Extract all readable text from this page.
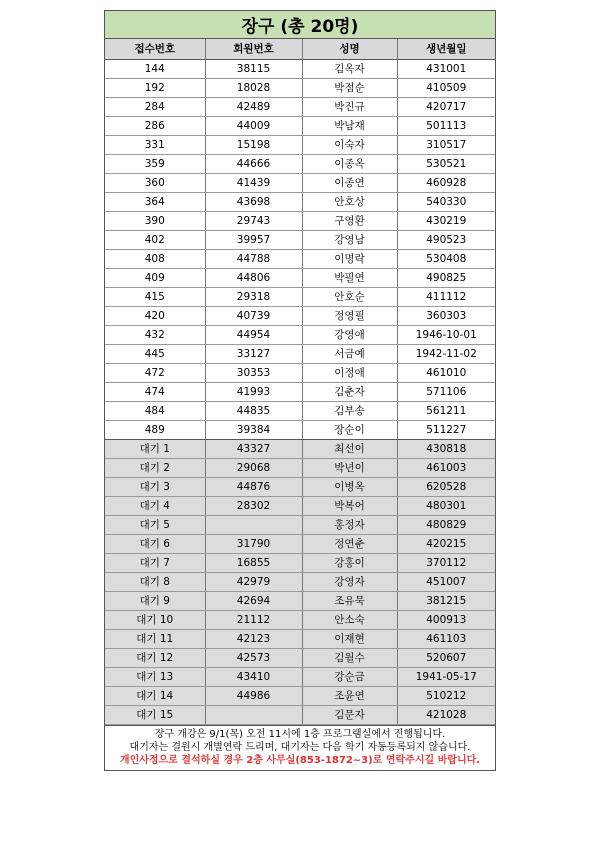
장구 (총 20명)
접수번호	회원번호	성명	생년월일
144	38115	김옥자	431001
192	18028	박점순	410509
284	42489	박진규	420717
286	44009	박남재	501113
331	15198	이숙자	310517
359	44666	이종옥	530521
360	41439	이종연	460928
364	43698	안호상	540330
390	29743	구영환	430219
402	39957	강영남	490523
408	44788	이명락	530408
409	44806	박필연	490825
415	29318	안호순	411112
420	40739	정영필	360303
432	44954	강영애	1946-10-01
445	33127	서금예	1942-11-02
472	30353	이정애	461010
474	41993	김춘자	571106
484	44835	김부송	561211
489	39384	장순이	511227
대기 1	43327	최선이	430818
대기 2	29068	박년이	461003
대기 3	44876	이병옥	620528
대기 4	28302	박복어	480301
대기 5		홍정자	480829
대기 6	31790	정연춘	420215
대기 7	16855	강홍이	370112
대기 8	42979	강영자	451007
대기 9	42694	조유묵	381215
대기 10	21112	안소숙	400913
대기 11	42123	이재현	461103
대기 12	42573	김월수	520607
대기 13	43410	강순금	1941-05-17
대기 14	44986	조윤연	510212
대기 15		김문자	421028
장구 개강은 9/1(목) 오전 11시에 1층 프로그램실에서 진행됩니다.
대기자는 결원시 개별연락 드리며, 대기자는 다음 학기 자동등록되지 않습니다.
개인사정으로 결석하실 경우 2층 사무실(853-1872~3)로 연락주시길 바랍니다.
